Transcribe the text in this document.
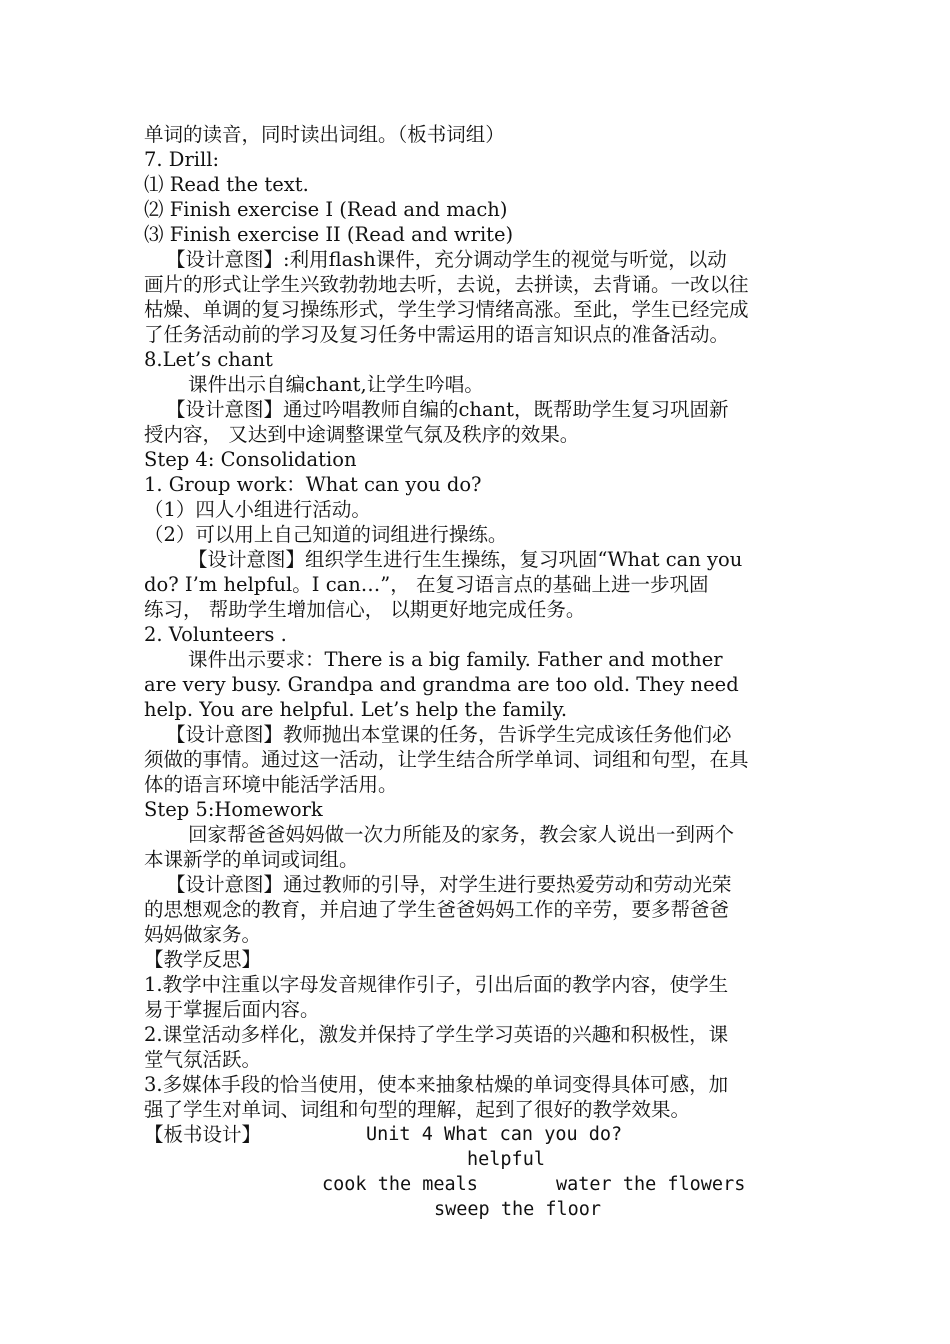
单词的读音，同时读出词组。（板书词组）
7. Drill:
⑴ Read the text.
⑵ Finish exercise I (Read and mach)
⑶ Finish exercise II (Read and write)
【设计意图】:利用flash课件，充分调动学生的视觉与听觉，以动
画片的形式让学生兴致勃勃地去听，去说，去拼读，去背诵。一改以往
枯燥、单调的复习操练形式，学生学习情绪高涨。至此，学生已经完成
了任务活动前的学习及复习任务中需运用的语言知识点的准备活动。
8.Let’s chant
课件出示自编chant,让学生吟唱。
【设计意图】通过吟唱教师自编的chant，既帮助学生复习巩固新
授内容， 又达到中途调整课堂气氛及秩序的效果。
Step 4: Consolidation
1. Group work：What can you do?
（1）四人小组进行活动。
（2）可以用上自己知道的词组进行操练。
【设计意图】组织学生进行生生操练，复习巩固“What can you
do? I’m helpful。I can…”， 在复习语言点的基础上进一步巩固
练习， 帮助学生增加信心， 以期更好地完成任务。
2. Volunteers .
课件出示要求：There is a big family. Father and mother
are very busy. Grandpa and grandma are too old. They need
help. You are helpful. Let’s help the family.
【设计意图】教师抛出本堂课的任务，告诉学生完成该任务他们必
须做的事情。通过这一活动，让学生结合所学单词、词组和句型，在具
体的语言环境中能活学活用。
Step 5:Homework
回家帮爸爸妈妈做一次力所能及的家务，教会家人说出一到两个
本课新学的单词或词组。
【设计意图】通过教师的引导，对学生进行要热爱劳动和劳动光荣
的思想观念的教育，并启迪了学生爸爸妈妈工作的辛劳，要多帮爸爸
妈妈做家务。
【教学反思】
1.教学中注重以字母发音规律作引子，引出后面的教学内容，使学生
易于掌握后面内容。
2.课堂活动多样化，激发并保持了学生学习英语的兴趣和积极性，课
堂气氛活跃。
3.多媒体手段的恰当使用，使本来抽象枯燥的单词变得具体可感，加
强了学生对单词、词组和句型的理解，起到了很好的教学效果。
【板书设计】	Unit 4 What can you do?
helpful
cook the meals	water the flowers
sweep the floor
